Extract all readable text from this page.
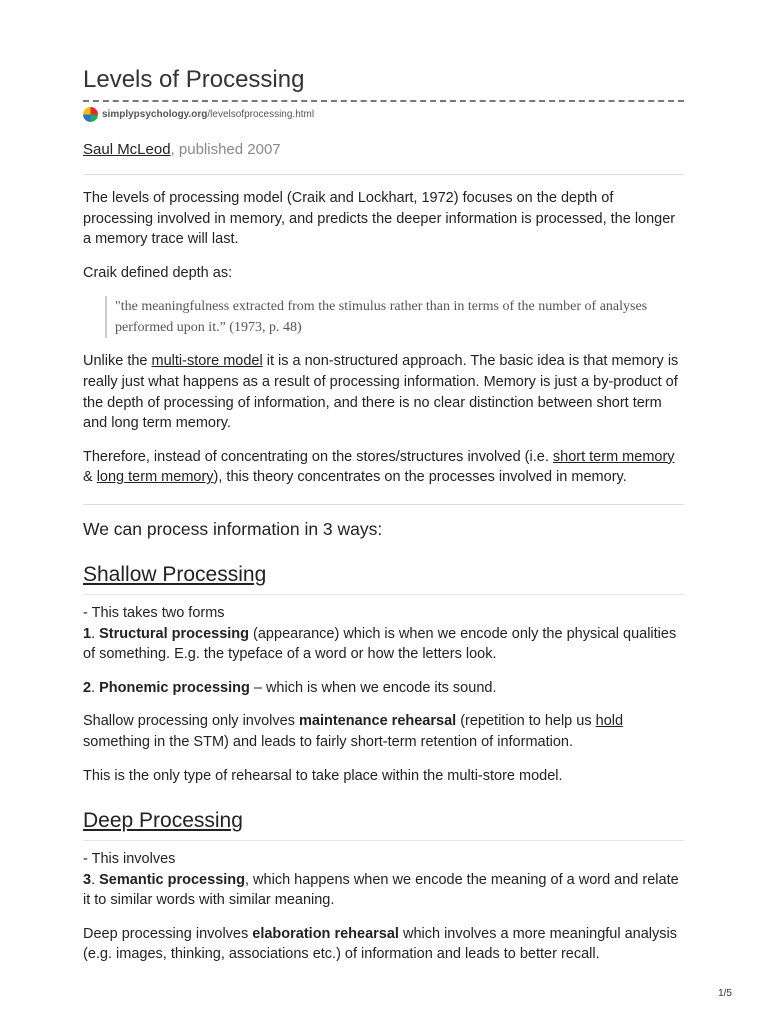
Levels of Processing
simplypsychology.org /levelsofprocessing.html
Saul McLeod, published 2007

The levels of processing model (Craik and Lockhart, 1972) focuses on the depth of processing involved in memory, and predicts the deeper information is processed, the longer a memory trace will last.

Craik defined depth as:

"the meaningfulness extracted from the stimulus rather than in terms of the number of analyses performed upon it.” (1973, p. 48)

Unlike the multi-store model it is a non-structured approach. The basic idea is that memory is really just what happens as a result of processing information. Memory is just a by-product of the depth of processing of information, and there is no clear distinction between short term and long term memory.

Therefore, instead of concentrating on the stores/structures involved (i.e. short term memory & long term memory), this theory concentrates on the processes involved in memory.

We can process information in 3 ways:
Shallow Processing

- This takes two forms

1. Structural processing (appearance) which is when we encode only the physical qualities of something. E.g. the typeface of a word or how the letters look.

2. Phonemic processing – which is when we encode its sound.

Shallow processing only involves maintenance rehearsal (repetition to help us hold something in the STM) and leads to fairly short-term retention of information.

This is the only type of rehearsal to take place within the multi-store model.

Deep Processing

- This involves

3. Semantic processing, which happens when we encode the meaning of a word and relate it to similar words with similar meaning.

Deep processing involves elaboration rehearsal which involves a more meaningful analysis (e.g. images, thinking, associations etc.) of information and leads to better recall.

1/5
